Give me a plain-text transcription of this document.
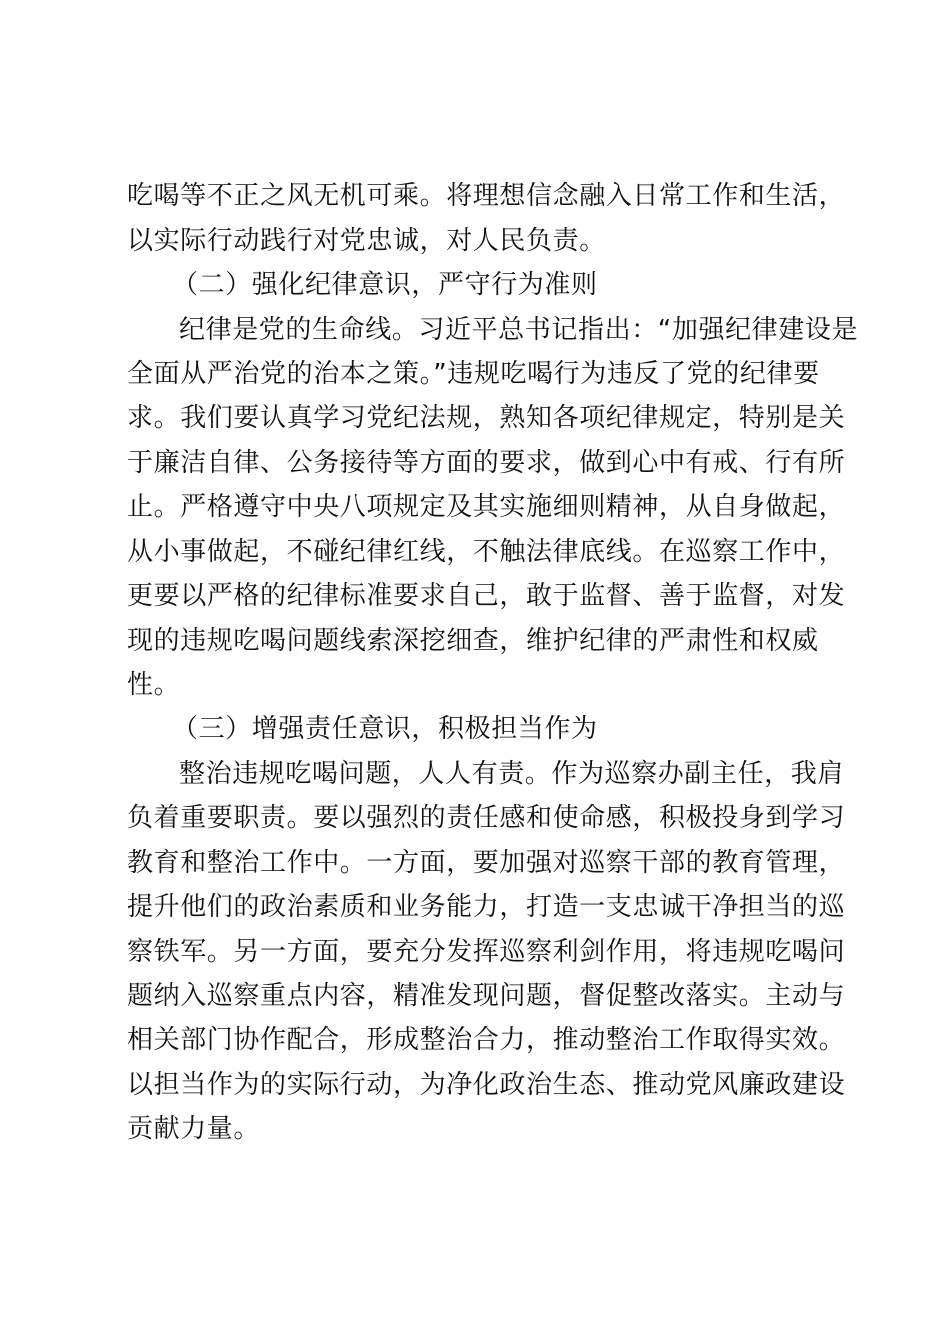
吃喝等不正之风无机可乘。将理想信念融入日常工作和生活，

以实际行动践行对党忠诚，对人民负责。

（二）强化纪律意识，严守行为准则

纪律是党的生命线。习近平总书记指出：“加强纪律建设是

全面从严治党的治本之策。”违规吃喝行为违反了党的纪律要

求。我们要认真学习党纪法规，熟知各项纪律规定，特别是关

于廉洁自律、公务接待等方面的要求，做到心中有戒、行有所

止。严格遵守中央八项规定及其实施细则精神，从自身做起，

从小事做起，不碰纪律红线，不触法律底线。在巡察工作中，

更要以严格的纪律标准要求自己，敢于监督、善于监督，对发

现的违规吃喝问题线索深挖细查，维护纪律的严肃性和权威

性。

（三）增强责任意识，积极担当作为

整治违规吃喝问题，人人有责。作为巡察办副主任，我肩

负着重要职责。要以强烈的责任感和使命感，积极投身到学习

教育和整治工作中。一方面，要加强对巡察干部的教育管理，

提升他们的政治素质和业务能力，打造一支忠诚干净担当的巡

察铁军。另一方面，要充分发挥巡察利剑作用，将违规吃喝问

题纳入巡察重点内容，精准发现问题，督促整改落实。主动与

相关部门协作配合，形成整治合力，推动整治工作取得实效。

以担当作为的实际行动，为净化政治生态、推动党风廉政建设

贡献力量。
